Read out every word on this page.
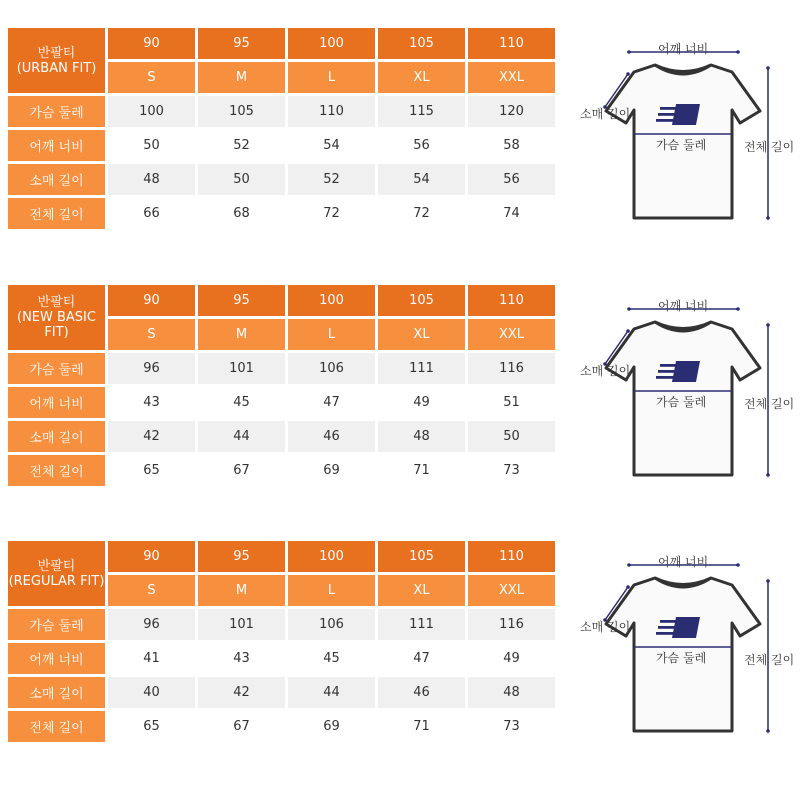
반팔티
(URBAN FIT)	90	95	100	105	110
	S	M	L	XL	XXL
가슴 둘레	100	105	110	115	120
어깨 너비	50	52	54	56	58
소매 길이	48	50	52	54	56
전체 길이	66	68	72	72	74
어깨 너비
소매 길이
가슴 둘레	전체 길이
반팔티
(NEW BASIC FIT)	90	95	100	105	110
	S	M	L	XL	XXL
가슴 둘레	96	101	106	111	116
어깨 너비	43	45	47	49	51
소매 길이	42	44	46	48	50
전체 길이	65	67	69	71	73
어깨 너비
소매 길이
가슴 둘레	전체 길이
반팔티
(REGULAR FIT)	90	95	100	105	110
	S	M	L	XL	XXL
가슴 둘레	96	101	106	111	116
어깨 너비	41	43	45	47	49
소매 길이	40	42	44	46	48
전체 길이	65	67	69	71	73
어깨 너비
소매 길이
가슴 둘레	전체 길이
